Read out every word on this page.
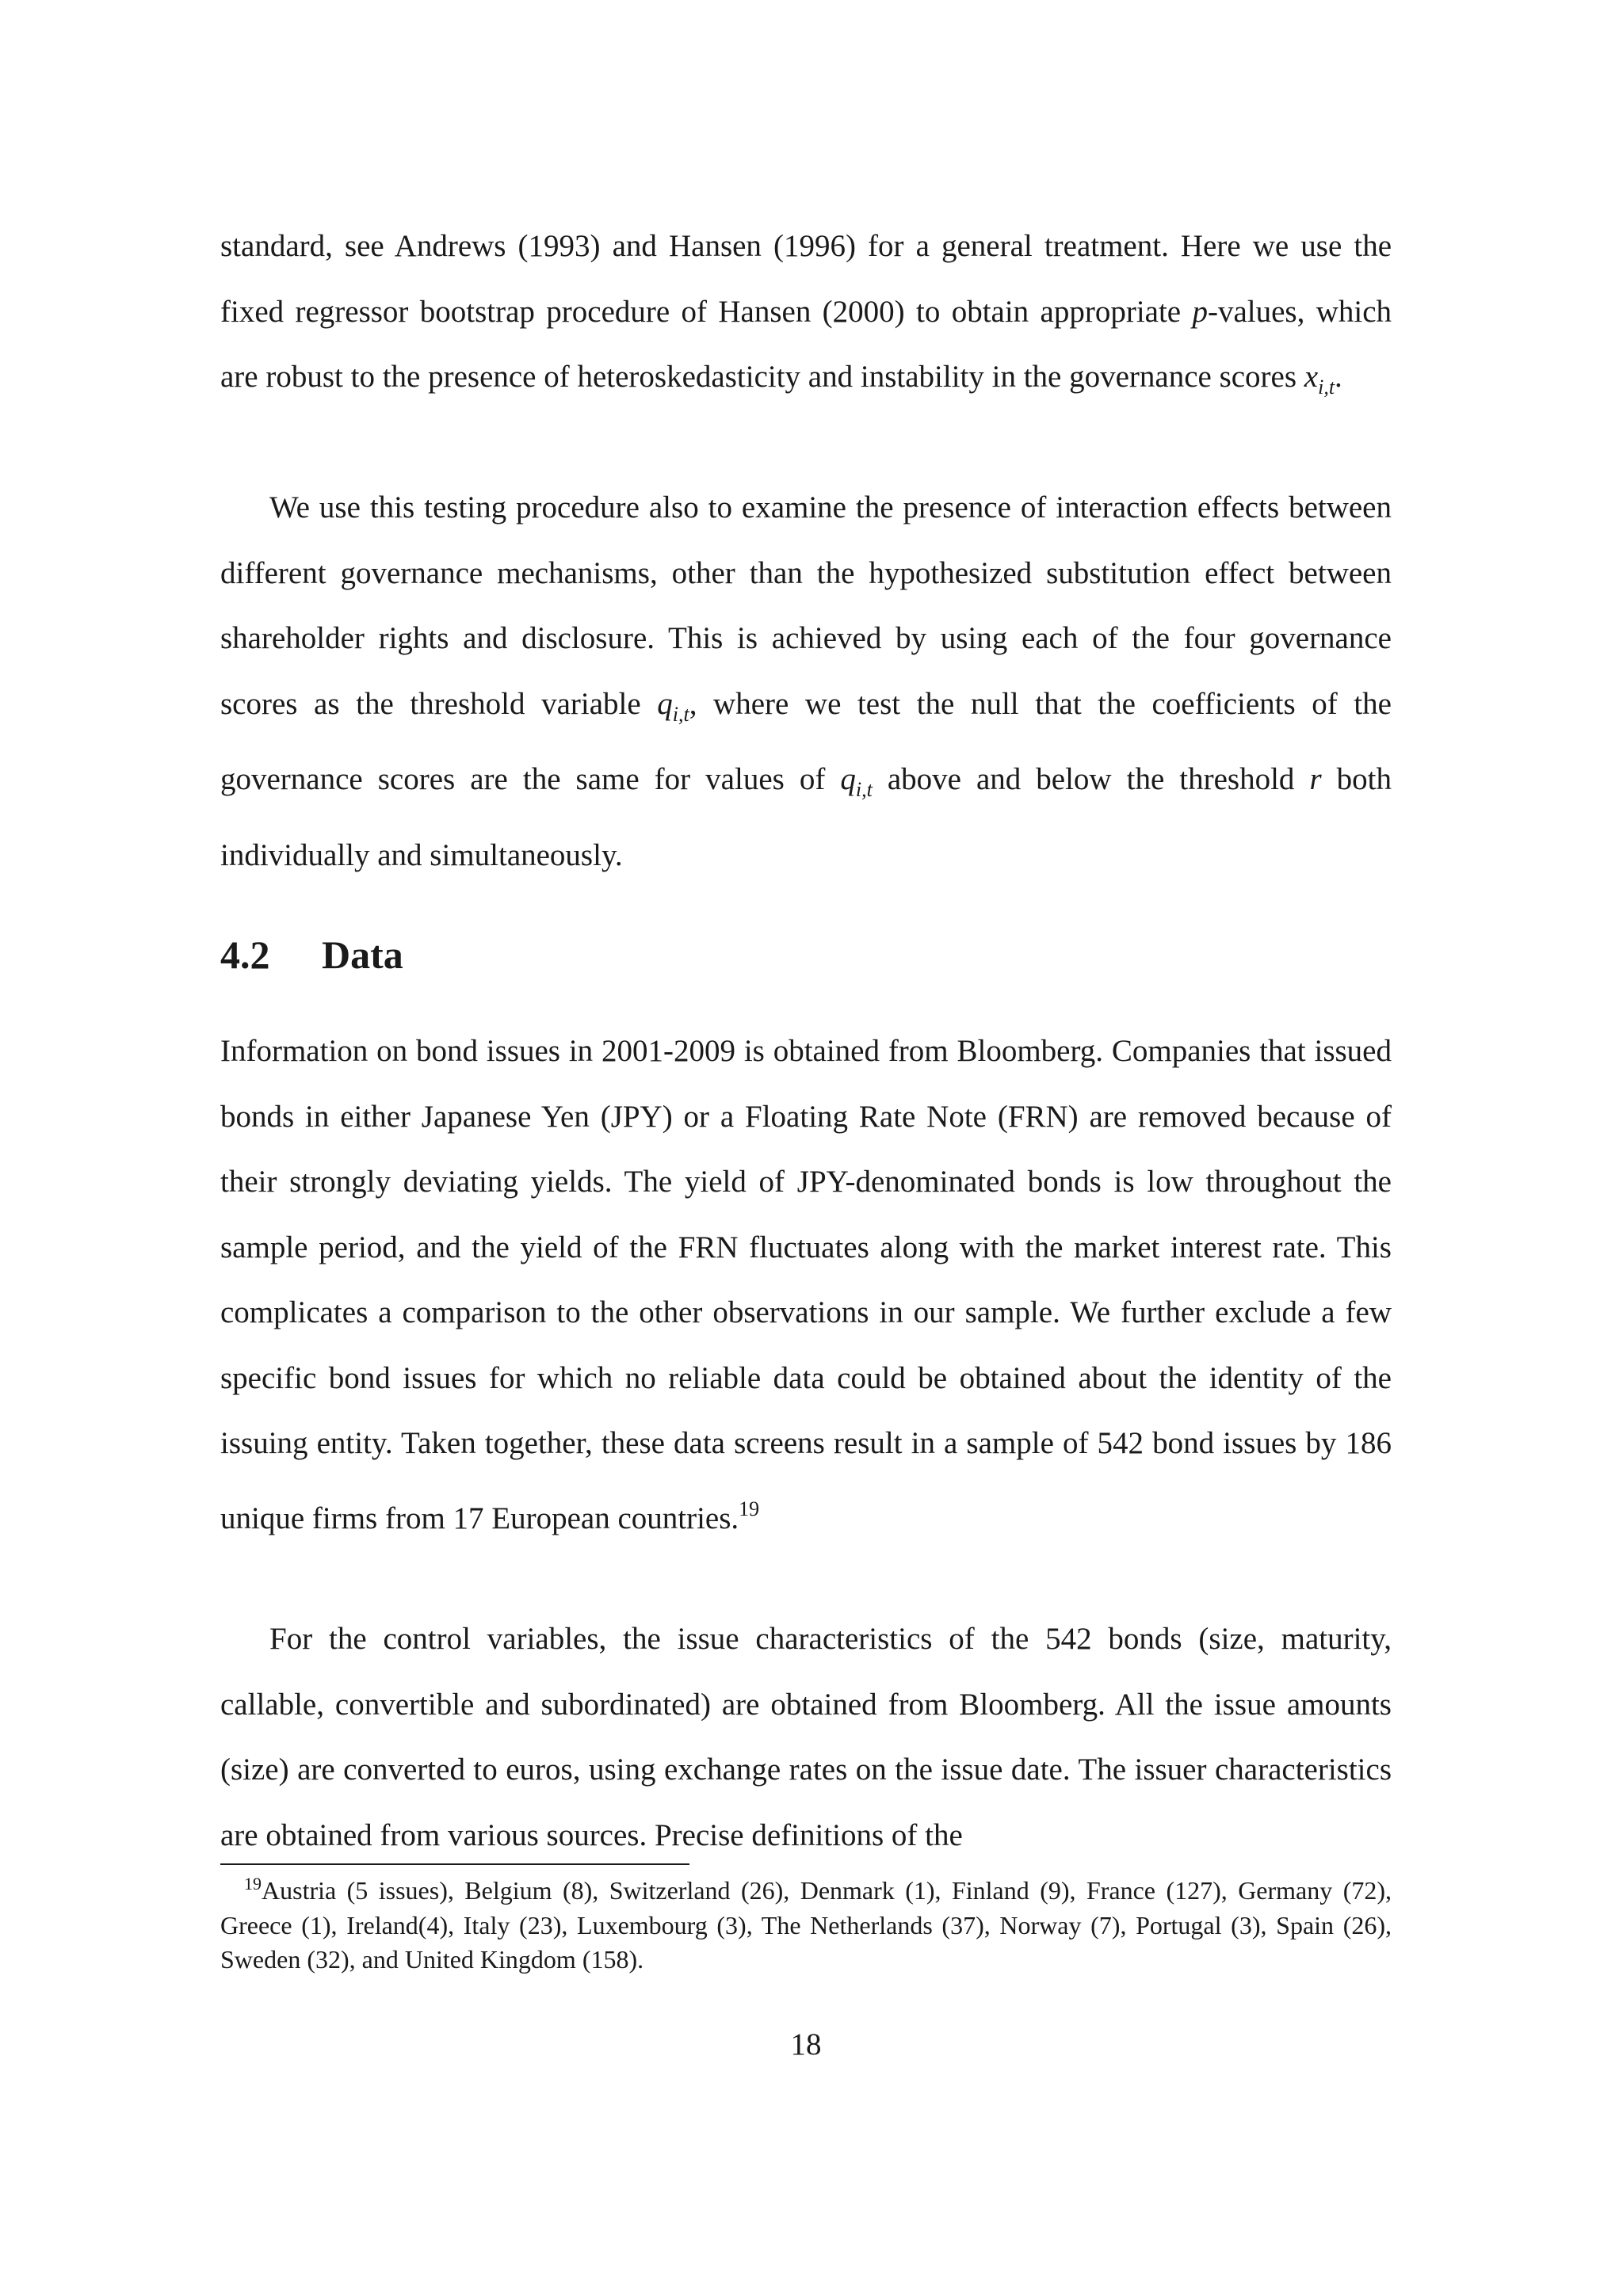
standard, see Andrews (1993) and Hansen (1996) for a general treatment. Here we use the fixed regressor bootstrap procedure of Hansen (2000) to obtain appropriate p-values, which are robust to the presence of heteroskedasticity and instability in the governance scores $x_{i,t}$.

We use this testing procedure also to examine the presence of interaction effects between different governance mechanisms, other than the hypothesized substitution effect between shareholder rights and disclosure. This is achieved by using each of the four governance scores as the threshold variable $q_{i,t}$, where we test the null that the coefficients of the governance scores are the same for values of $q_{i,t}$ above and below the threshold r both individually and simultaneously.

4.2 Data

Information on bond issues in 2001-2009 is obtained from Bloomberg. Companies that issued bonds in either Japanese Yen (JPY) or a Floating Rate Note (FRN) are removed because of their strongly deviating yields. The yield of JPY-denominated bonds is low throughout the sample period, and the yield of the FRN fluctuates along with the market interest rate. This complicates a comparison to the other observations in our sample. We further exclude a few specific bond issues for which no reliable data could be obtained about the identity of the issuing entity. Taken together, these data screens result in a sample of 542 bond issues by 186 unique firms from 17 European countries.$^{19}$

For the control variables, the issue characteristics of the 542 bonds (size, maturity, callable, convertible and subordinated) are obtained from Bloomberg. All the issue amounts (size) are converted to euros, using exchange rates on the issue date. The issuer characteristics are obtained from various sources. Precise definitions of the

$^{19}$Austria (5 issues), Belgium (8), Switzerland (26), Denmark (1), Finland (9), France (127), Germany (72), Greece (1), Ireland(4), Italy (23), Luxembourg (3), The Netherlands (37), Norway (7), Portugal (3), Spain (26), Sweden (32), and United Kingdom (158).

18
